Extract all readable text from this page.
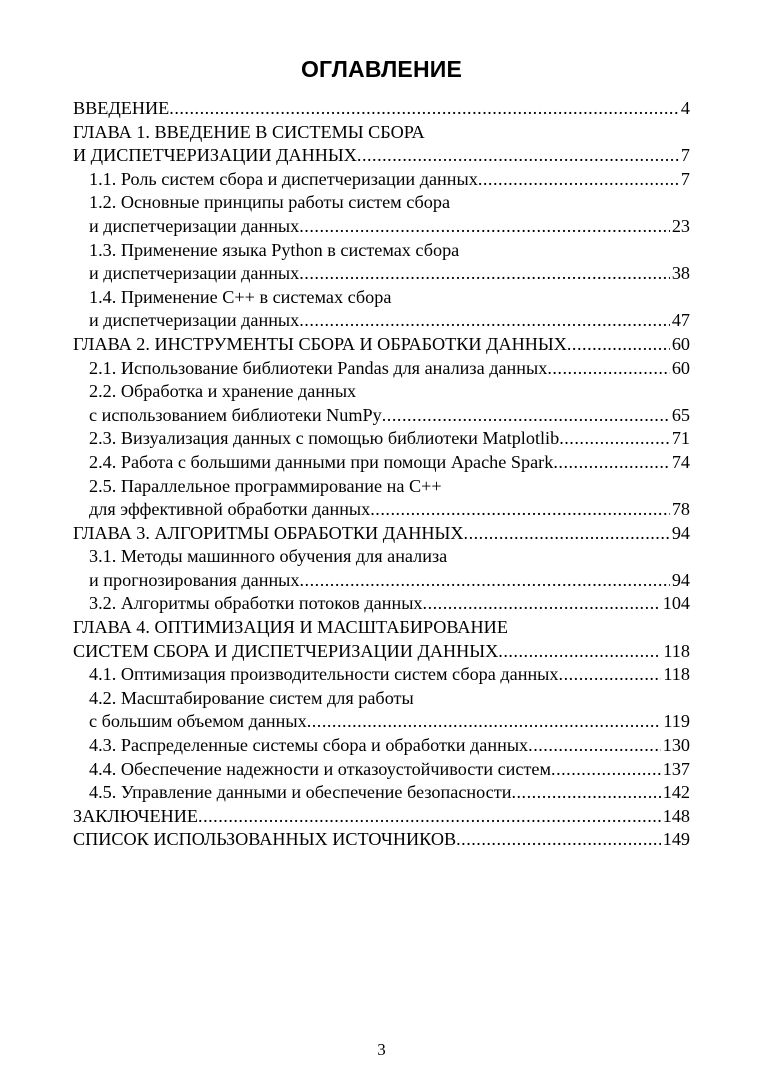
ОГЛАВЛЕНИЕ
ВВЕДЕНИЕ .....	4
ГЛАВА 1. ВВЕДЕНИЕ В СИСТЕМЫ СБОРА
И ДИСПЕТЧЕРИЗАЦИИ ДАННЫХ .....	7
1.1. Роль систем сбора и диспетчеризации данных .....	7
1.2. Основные принципы работы систем сбора
и диспетчеризации данных .....	23
1.3. Применение языка Python в системах сбора
и диспетчеризации данных .....	38
1.4. Применение C++ в системах сбора
и диспетчеризации данных .....	47
ГЛАВА 2. ИНСТРУМЕНТЫ СБОРА И ОБРАБОТКИ ДАННЫХ .....	60
2.1. Использование библиотеки Pandas для анализа данных .....	60
2.2. Обработка и хранение данных
с использованием библиотеки NumPy .....	65
2.3. Визуализация данных с помощью библиотеки Matplotlib .....	71
2.4. Работа с большими данными при помощи Apache Spark .....	74
2.5. Параллельное программирование на C++
для эффективной обработки данных .....	78
ГЛАВА 3. АЛГОРИТМЫ ОБРАБОТКИ ДАННЫХ .....	94
3.1. Методы машинного обучения для анализа
и прогнозирования данных .....	94
3.2. Алгоритмы обработки потоков данных .....	104
ГЛАВА 4. ОПТИМИЗАЦИЯ И МАСШТАБИРОВАНИЕ
СИСТЕМ СБОРА И ДИСПЕТЧЕРИЗАЦИИ ДАННЫХ .....	118
4.1. Оптимизация производительности систем сбора данных .....	118
4.2. Масштабирование систем для работы
с большим объемом данных .....	119
4.3. Распределенные системы сбора и обработки данных .....	130
4.4. Обеспечение надежности и отказоустойчивости систем .....	137
4.5. Управление данными и обеспечение безопасности .....	142
ЗАКЛЮЧЕНИЕ .....	148
СПИСОК ИСПОЛЬЗОВАННЫХ ИСТОЧНИКОВ .....	149
3
